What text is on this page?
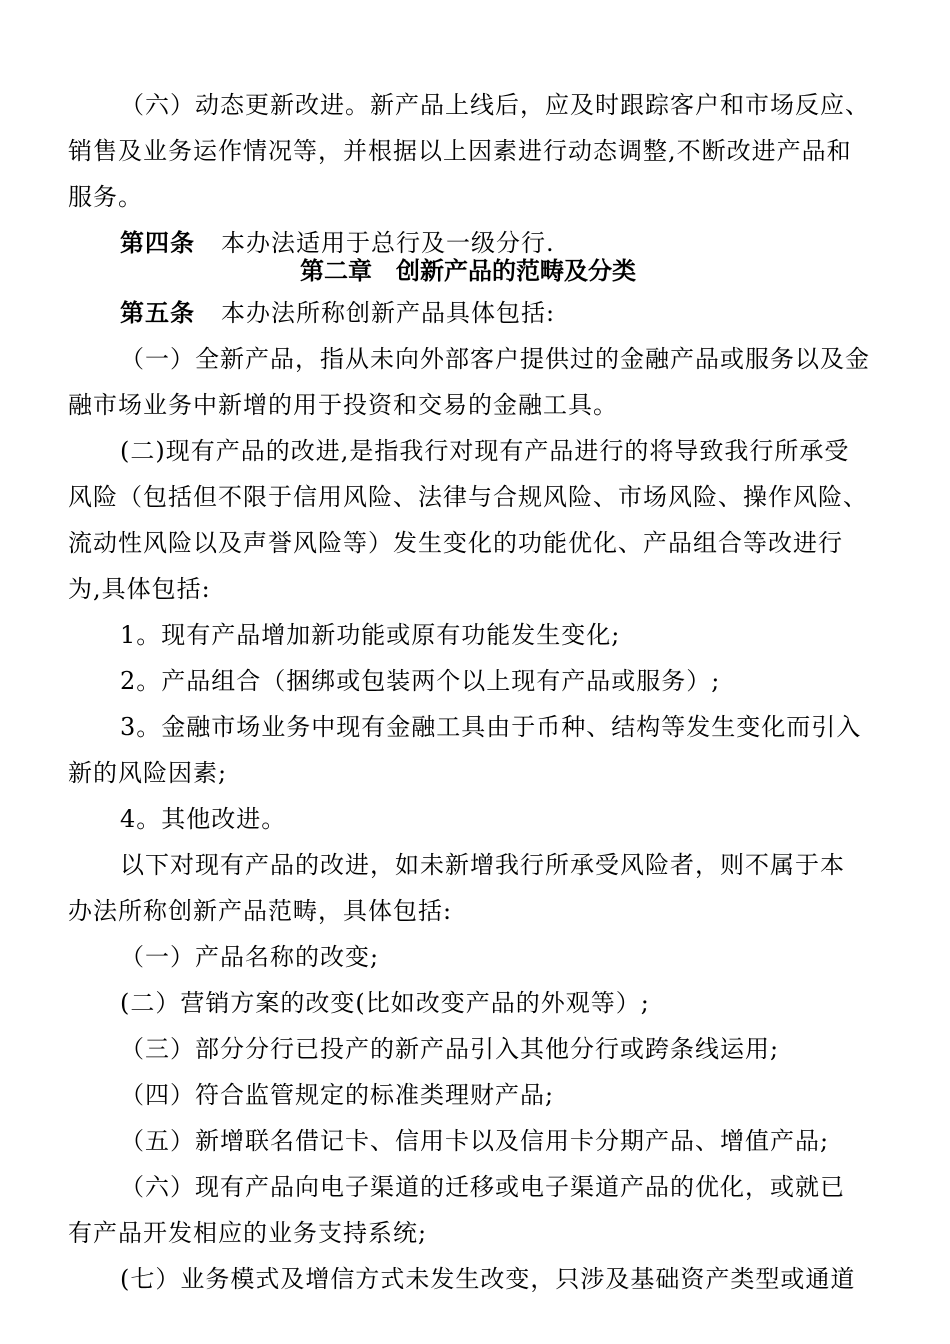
（六）动态更新改进。新产品上线后，应及时跟踪客户和市场反应、
销售及业务运作情况等，并根据以上因素进行动态调整,不断改进产品和
服务。
第四条 本办法适用于总行及一级分行.
第二章　创新产品的范畴及分类
第五条 本办法所称创新产品具体包括:
（一）全新产品，指从未向外部客户提供过的金融产品或服务以及金
融市场业务中新增的用于投资和交易的金融工具。
(二)现有产品的改进,是指我行对现有产品进行的将导致我行所承受
风险（包括但不限于信用风险、法律与合规风险、市场风险、操作风险、
流动性风险以及声誉风险等）发生变化的功能优化、产品组合等改进行
为,具体包括:
1。现有产品增加新功能或原有功能发生变化;
2。产品组合（捆绑或包装两个以上现有产品或服务）;
3。金融市场业务中现有金融工具由于币种、结构等发生变化而引入
新的风险因素;
4。其他改进。
以下对现有产品的改进，如未新增我行所承受风险者，则不属于本
办法所称创新产品范畴，具体包括:
（一）产品名称的改变;
(二）营销方案的改变(比如改变产品的外观等）;
（三）部分分行已投产的新产品引入其他分行或跨条线运用;
（四）符合监管规定的标准类理财产品;
（五）新增联名借记卡、信用卡以及信用卡分期产品、增值产品;
（六）现有产品向电子渠道的迁移或电子渠道产品的优化，或就已
有产品开发相应的业务支持系统;
(七）业务模式及增信方式未发生改变，只涉及基础资产类型或通道
